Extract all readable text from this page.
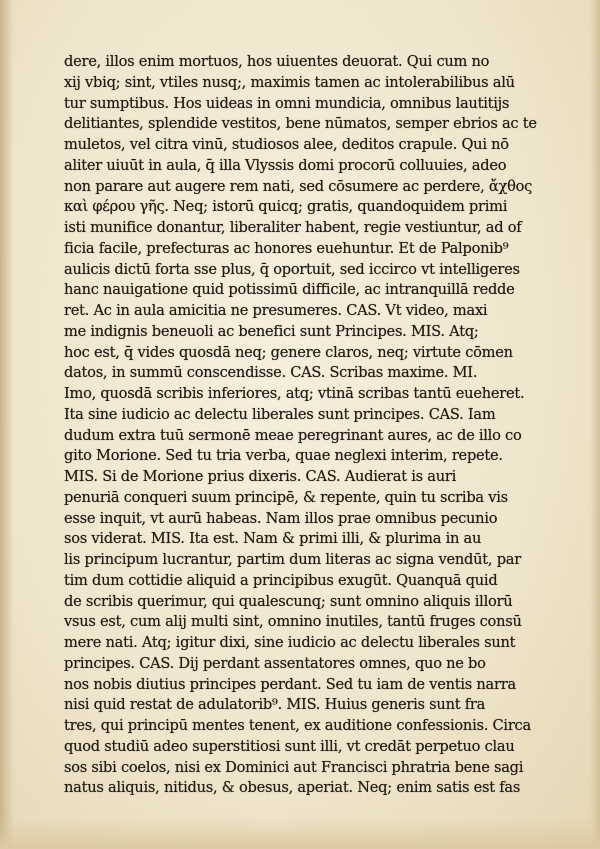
dere, illos enim mortuos, hos uiuentes deuorat. Qui cum no
xij vbiq; sint, vtiles nusq;, maximis tamen ac intolerabilibus alū
tur sumptibus. Hos uideas in omni mundicia, omnibus lautitijs
delitiantes, splendide vestitos, bene nūmatos, semper ebrios ac te
muletos, vel citra vinū, studiosos alee, deditos crapule. Qui nō
aliter uiuūt in aula, q̄ illa Vlyssis domi procorū colluuies, adeo
non parare aut augere rem nati, sed cōsumere ac perdere, ἄχθος
καὶ φέρου γῆς. Neq; istorū quicq; gratis, quandoquidem primi
isti munifice donantur, liberaliter habent, regie vestiuntur, ad of
ficia facile, prefecturas ac honores euehuntur. Et de Palponib⁹
aulicis dictū forta sse plus, q̄ oportuit, sed iccirco vt intelligeres
hanc nauigatione quid potissimū difficile, ac intranquillā redde
ret. Ac in aula amicitia ne presumeres. CAS. Vt video, maxi
me indignis beneuoli ac benefici sunt Principes. MIS. Atq;
hoc est, q̄ vides quosdā neq; genere claros, neq; virtute cōmen
datos, in summū conscendisse. CAS. Scribas maxime. MI.
Imo, quosdā scribis inferiores, atq; vtinā scribas tantū eueheret.
Ita sine iudicio ac delectu liberales sunt principes. CAS. Iam
dudum extra tuū sermonē meae peregrinant aures, ac de illo co
gito Morione. Sed tu tria verba, quae neglexi interim, repete.
MIS. Si de Morione prius dixeris. CAS. Audierat is auri
penuriā conqueri suum principē, & repente, quin tu scriba vis
esse inquit, vt aurū habeas. Nam illos prae omnibus pecunio
sos viderat. MIS. Ita est. Nam & primi illi, & plurima in au
lis principum lucrantur, partim dum literas ac signa vendūt, par
tim dum cottidie aliquid a principibus exugūt. Quanquā quid
de scribis querimur, qui qualescunq; sunt omnino aliquis illorū
vsus est, cum alij multi sint, omnino inutiles, tantū fruges consū
mere nati. Atq; igitur dixi, sine iudicio ac delectu liberales sunt
principes. CAS. Dij perdant assentatores omnes, quo ne bo
nos nobis diutius principes perdant. Sed tu iam de ventis narra
nisi quid restat de adulatorib⁹. MIS. Huius generis sunt fra
tres, qui principū mentes tenent, ex auditione confessionis. Circa
quod studiū adeo superstitiosi sunt illi, vt credāt perpetuo clau
sos sibi coelos, nisi ex Dominici aut Francisci phratria bene sagi
natus aliquis, nitidus, & obesus, aperiat. Neq; enim satis est fas
